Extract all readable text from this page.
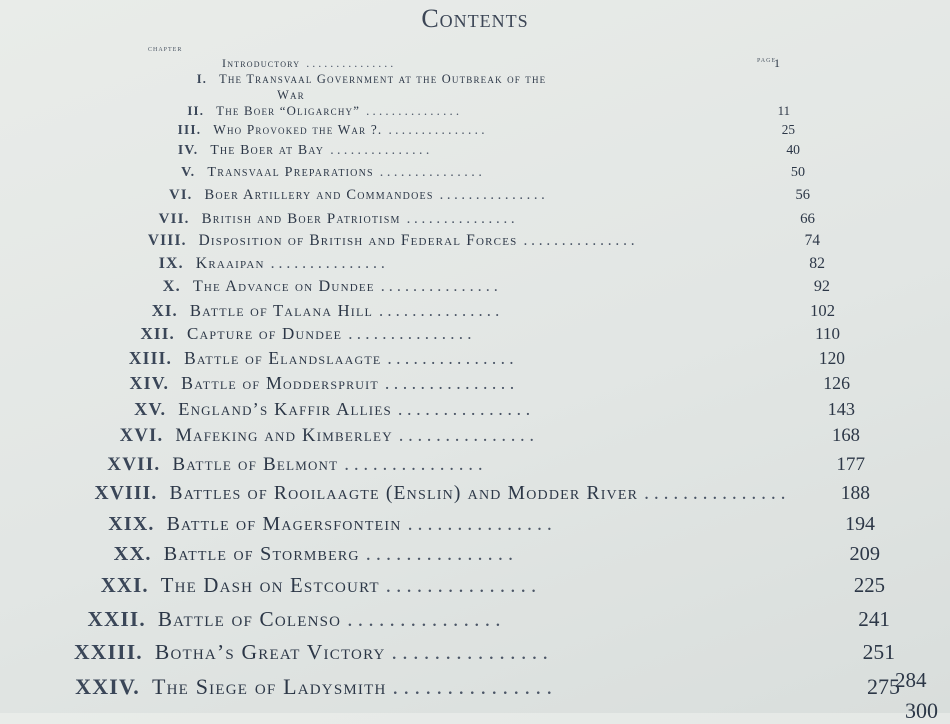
Contents
chapter
page
Introductory . . . . . . . . . . . . . . .	1
I. The Transvaal Government at the Outbreak of the
War
II. The Boer “Oligarchy” . . . . . . . . . . . . . . .	11
III. Who Provoked the War ?. . . . . . . . . . . . . . . .	25
IV. The Boer at Bay . . . . . . . . . . . . . . .	40
V. Transvaal Preparations . . . . . . . . . . . . . . .	50
VI. Boer Artillery and Commandoes . . . . . . . . . . . . . . .	56
VII. British and Boer Patriotism . . . . . . . . . . . . . . .	66
VIII. Disposition of British and Federal Forces . . . . . . . . . . . . . . .	74
IX. Kraaipan . . . . . . . . . . . . . . .	82
X. The Advance on Dundee . . . . . . . . . . . . . . .	92
XI. Battle of Talana Hill . . . . . . . . . . . . . . .	102
XII. Capture of Dundee . . . . . . . . . . . . . . .	110
XIII. Battle of Elandslaagte . . . . . . . . . . . . . . .	120
XIV. Battle of Modderspruit . . . . . . . . . . . . . . .	126
XV. England’s Kaffir Allies . . . . . . . . . . . . . . .	143
XVI. Mafeking and Kimberley . . . . . . . . . . . . . . .	168
XVII. Battle of Belmont . . . . . . . . . . . . . . .	177
XVIII. Battles of Rooilaagte (Enslin) and Modder River . . . . . . . . . . . . . . .	188
XIX. Battle of Magersfontein . . . . . . . . . . . . . . .	194
XX. Battle of Stormberg . . . . . . . . . . . . . . .	209
XXI. The Dash on Estcourt . . . . . . . . . . . . . . .	225
XXII. Battle of Colenso . . . . . . . . . . . . . . .	241
XXIII. Botha’s Great Victory . . . . . . . . . . . . . . .	251
XXIV. The Siege of Ladysmith . . . . . . . . . . . . . . .	275
284
300
